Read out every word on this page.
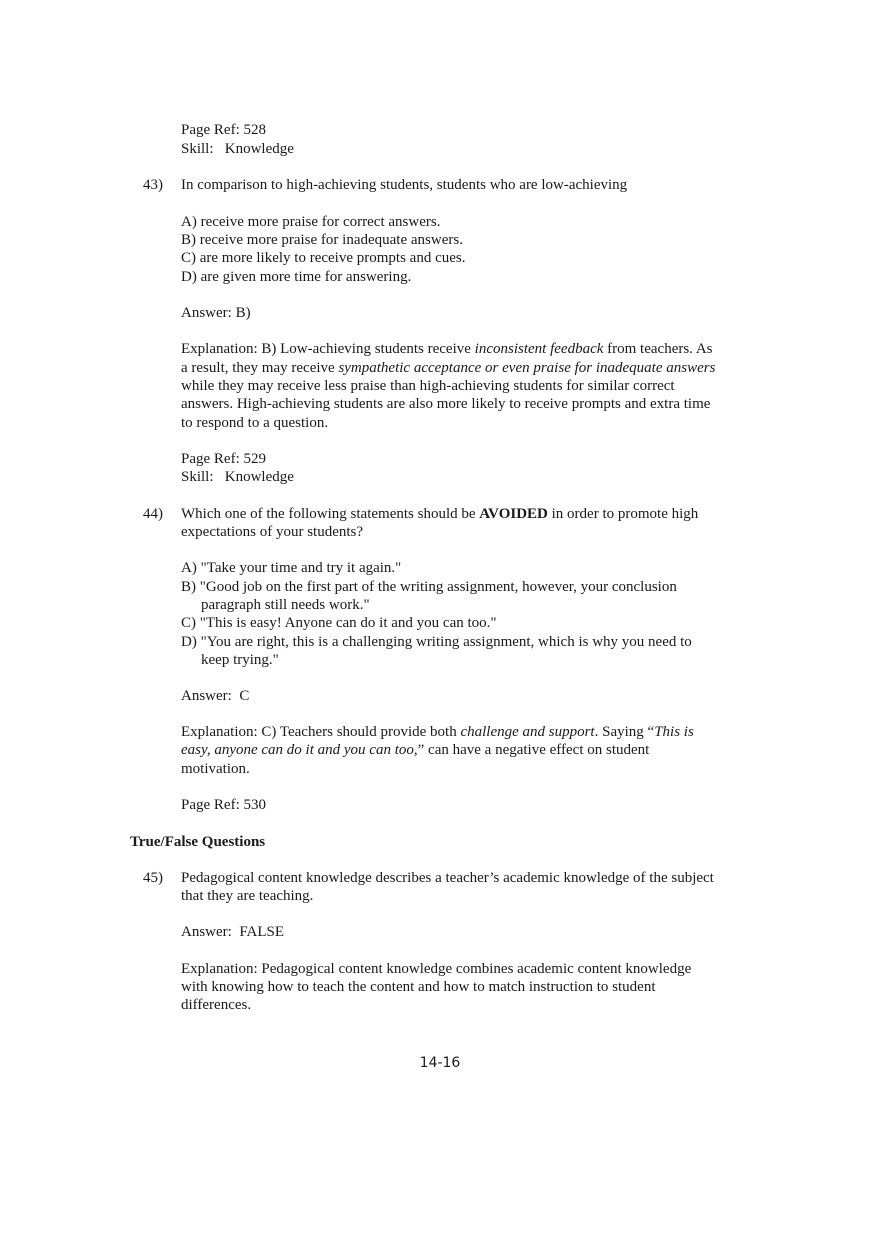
Page Ref: 528
Skill:   Knowledge
43) In comparison to high-achieving students, students who are low-achieving
A) receive more praise for correct answers.
B) receive more praise for inadequate answers.
C) are more likely to receive prompts and cues.
D) are given more time for answering.
Answer: B)
Explanation: B) Low-achieving students receive inconsistent feedback from teachers. As
a result, they may receive sympathetic acceptance or even praise for inadequate answers
while they may receive less praise than high-achieving students for similar correct
answers. High-achieving students are also more likely to receive prompts and extra time
to respond to a question.
Page Ref: 529
Skill:   Knowledge
44) Which one of the following statements should be AVOIDED in order to promote high
expectations of your students?
A) "Take your time and try it again."
B) "Good job on the first part of the writing assignment, however, your conclusion
paragraph still needs work."
C) "This is easy! Anyone can do it and you can too."
D) "You are right, this is a challenging writing assignment, which is why you need to
keep trying."
Answer:  C
Explanation: C) Teachers should provide both challenge and support. Saying “This is
easy, anyone can do it and you can too,” can have a negative effect on student
motivation.
Page Ref: 530
True/False Questions
45) Pedagogical content knowledge describes a teacher’s academic knowledge of the subject
that they are teaching.
Answer:  FALSE
Explanation: Pedagogical content knowledge combines academic content knowledge
with knowing how to teach the content and how to match instruction to student
differences.
14-16
